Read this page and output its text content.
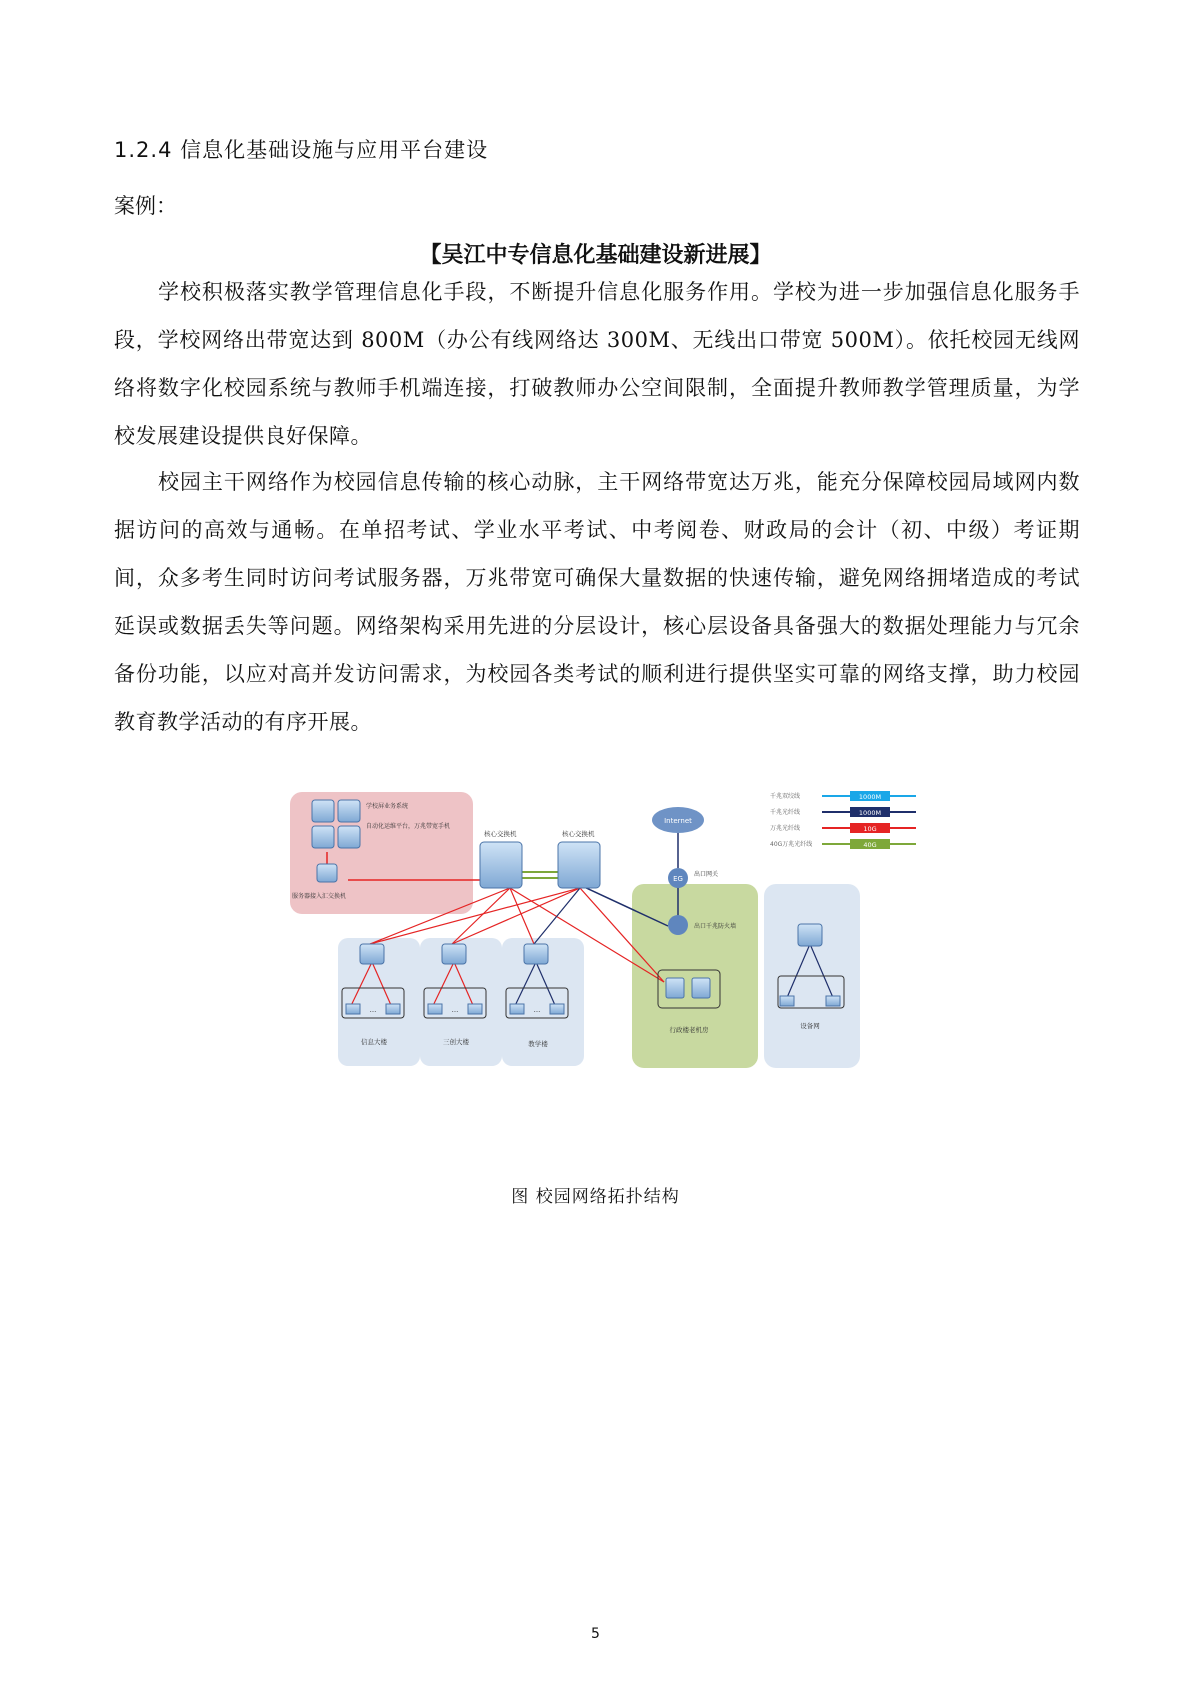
1.2.4 信息化基础设施与应用平台建设
案例：
【吴江中专信息化基础建设新进展】
学校积极落实教学管理信息化手段，不断提升信息化服务作用。学校为进一步加强信息化服务手段，学校网络出带宽达到 800M（办公有线网络达 300M、无线出口带宽 500M）。依托校园无线网络将数字化校园系统与教师手机端连接，打破教师办公空间限制，全面提升教师教学管理质量，为学校发展建设提供良好保障。
校园主干网络作为校园信息传输的核心动脉，主干网络带宽达万兆，能充分保障校园局域网内数据访问的高效与通畅。在单招考试、学业水平考试、中考阅卷、财政局的会计（初、中级）考证期间，众多考生同时访问考试服务器，万兆带宽可确保大量数据的快速传输，避免网络拥堵造成的考试延误或数据丢失等问题。网络架构采用先进的分层设计，核心层设备具备强大的数据处理能力与冗余备份功能，以应对高并发访问需求，为校园各类考试的顺利进行提供坚实可靠的网络支撑，助力校园教育教学活动的有序开展。
学校屏业务系统
自动化运维平台，万兆带宽手机
服务器接入汇交换机
核心交换机	核心交换机
Internet
EG
出口网关
出口千兆防火墙
行政楼老机房
...
信息大楼
...
三创大楼
...
教学楼
设备网
千兆双绞线	1000M
千兆光纤线	1000M
万兆光纤线	10G
40G万兆光纤线	40G
图 校园网络拓扑结构
5
